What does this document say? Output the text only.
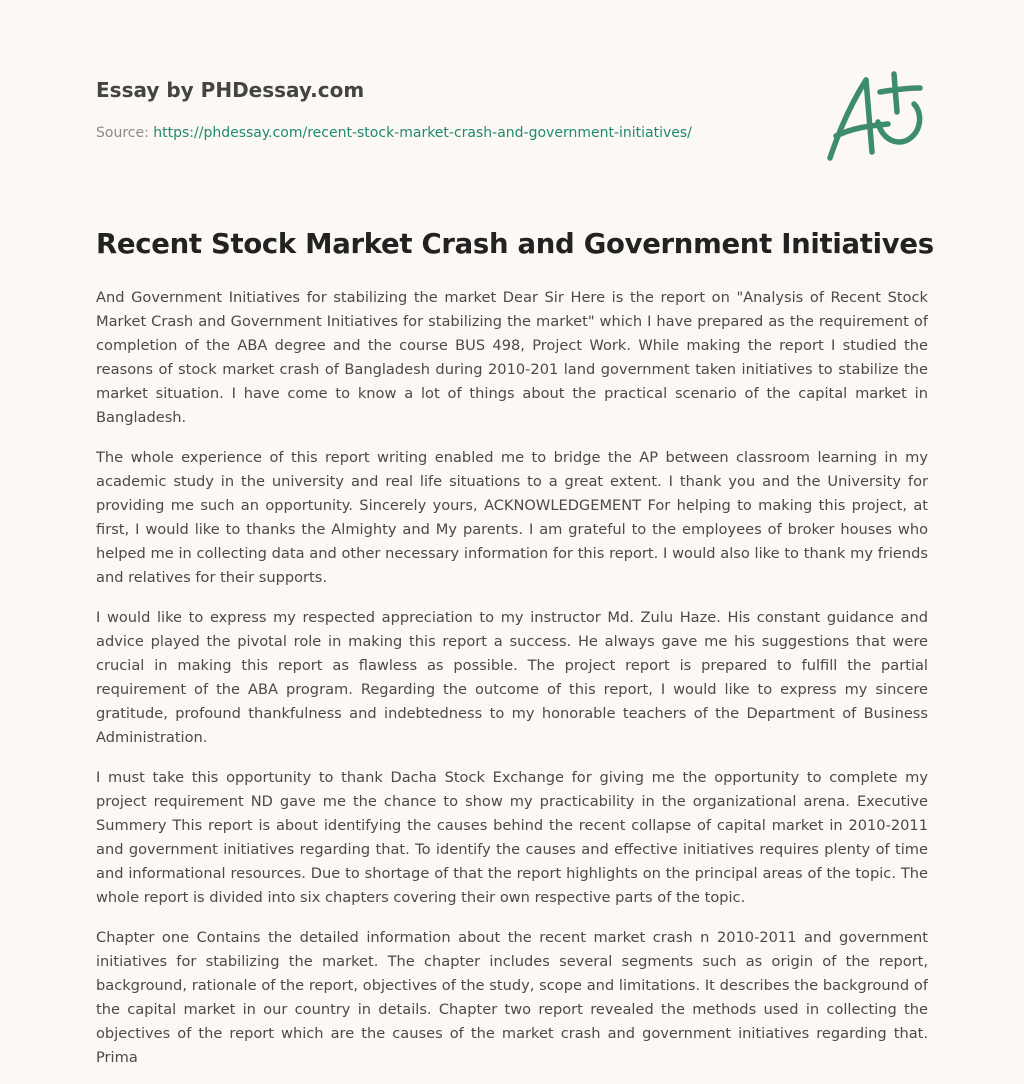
Essay by PHDessay.com
Source: https://phdessay.com/recent-stock-market-crash-and-government-initiatives/
Recent Stock Market Crash and Government Initiatives

And Government Initiatives for stabilizing the market Dear Sir Here is the report on "Analysis of Recent Stock Market Crash and Government Initiatives for stabilizing the market" which I have prepared as the requirement of completion of the ABA degree and the course BUS 498, Project Work. While making the report I studied the reasons of stock market crash of Bangladesh during 2010-201 land government taken initiatives to stabilize the market situation. I have come to know a lot of things about the practical scenario of the capital market in Bangladesh.

The whole experience of this report writing enabled me to bridge the AP between classroom learning in my academic study in the university and real life situations to a great extent. I thank you and the University for providing me such an opportunity. Sincerely yours, ACKNOWLEDGEMENT For helping to making this project, at first, I would like to thanks the Almighty and My parents. I am grateful to the employees of broker houses who helped me in collecting data and other necessary information for this report. I would also like to thank my friends and relatives for their supports.

I would like to express my respected appreciation to my instructor Md. Zulu Haze. His constant guidance and advice played the pivotal role in making this report a success. He always gave me his suggestions that were crucial in making this report as flawless as possible. The project report is prepared to fulfill the partial requirement of the ABA program. Regarding the outcome of this report, I would like to express my sincere gratitude, profound thankfulness and indebtedness to my honorable teachers of the Department of Business Administration.

I must take this opportunity to thank Dacha Stock Exchange for giving me the opportunity to complete my project requirement ND gave me the chance to show my practicability in the organizational arena. Executive Summery This report is about identifying the causes behind the recent collapse of capital market in 2010-2011 and government initiatives regarding that. To identify the causes and effective initiatives requires plenty of time and informational resources. Due to shortage of that the report highlights on the principal areas of the topic. The whole report is divided into six chapters covering their own respective parts of the topic.

Chapter one Contains the detailed information about the recent market crash n 2010-2011 and government initiatives for stabilizing the market. The chapter includes several segments such as origin of the report, background, rationale of the report, objectives of the study, scope and limitations. It describes the background of the capital market in our country in details. Chapter two report revealed the methods used in collecting the objectives of the report which are the causes of the market crash and government initiatives regarding that. Prima
